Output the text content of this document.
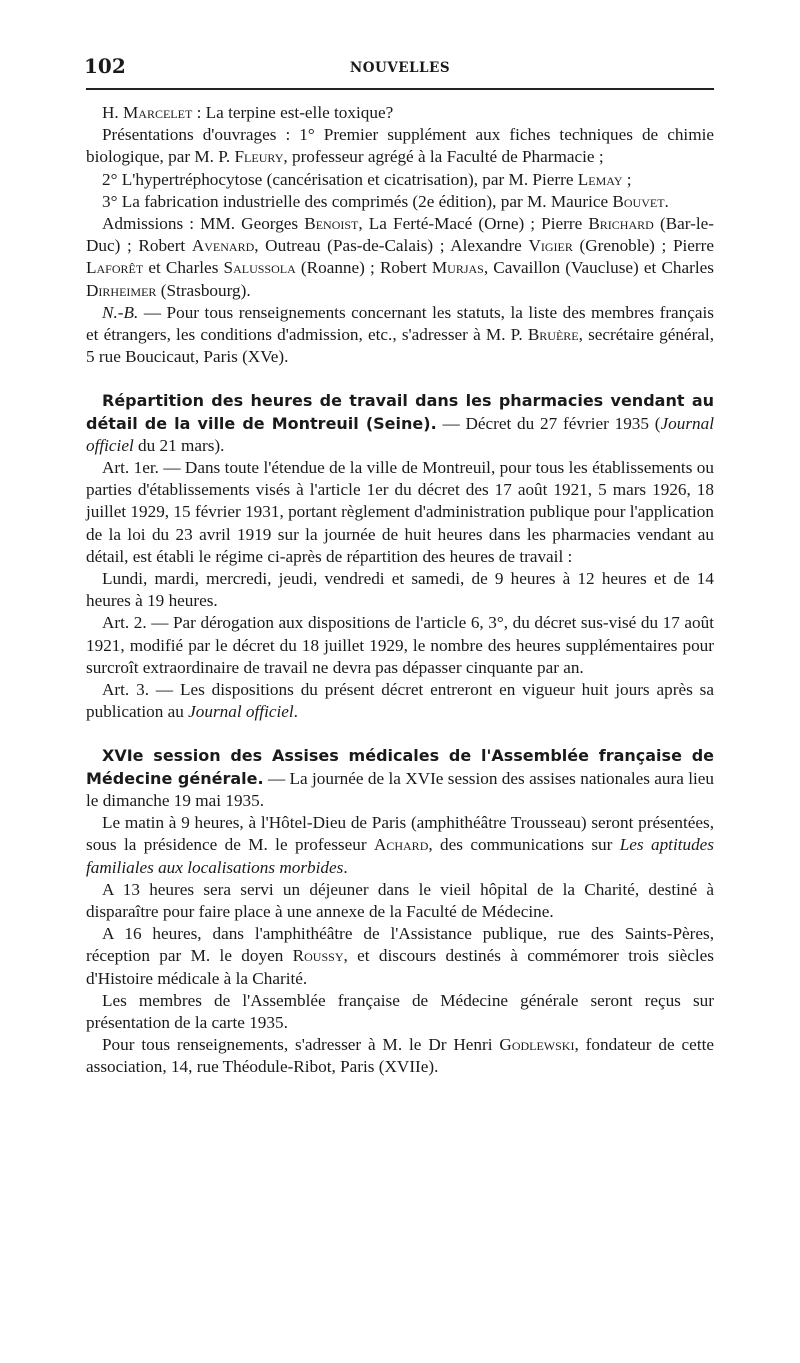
102	NOUVELLES

H. Marcelet : La terpine est-elle toxique?

Présentations d'ouvrages : 1° Premier supplément aux fiches techniques de chimie biologique, par M. P. Fleury, professeur agrégé à la Faculté de Pharmacie ;

2° L'hypertréphocytose (cancérisation et cicatrisation), par M. Pierre Lemay ;

3° La fabrication industrielle des comprimés (2e édition), par M. Maurice Bouvet.

Admissions : MM. Georges Benoist, La Ferté-Macé (Orne) ; Pierre Brichard (Bar-le-Duc) ; Robert Avenard, Outreau (Pas-de-Calais) ; Alexandre Vigier (Grenoble) ; Pierre Laforêt et Charles Salussola (Roanne) ; Robert Murjas, Cavaillon (Vaucluse) et Charles Dirheimer (Strasbourg).

N.-B. — Pour tous renseignements concernant les statuts, la liste des membres français et étrangers, les conditions d'admission, etc., s'adresser à M. P. Bruère, secrétaire général, 5 rue Boucicaut, Paris (XVe).

Répartition des heures de travail dans les pharmacies vendant au détail de la ville de Montreuil (Seine). — Décret du 27 février 1935 (Journal officiel du 21 mars).

Art. 1er. — Dans toute l'étendue de la ville de Montreuil, pour tous les établissements ou parties d'établissements visés à l'article 1er du décret des 17 août 1921, 5 mars 1926, 18 juillet 1929, 15 février 1931, portant règlement d'administration publique pour l'application de la loi du 23 avril 1919 sur la journée de huit heures dans les pharmacies vendant au détail, est établi le régime ci-après de répartition des heures de travail :

Lundi, mardi, mercredi, jeudi, vendredi et samedi, de 9 heures à 12 heures et de 14 heures à 19 heures.

Art. 2. — Par dérogation aux dispositions de l'article 6, 3°, du décret sus-visé du 17 août 1921, modifié par le décret du 18 juillet 1929, le nombre des heures supplémentaires pour surcroît extraordinaire de travail ne devra pas dépasser cinquante par an.

Art. 3. — Les dispositions du présent décret entreront en vigueur huit jours après sa publication au Journal officiel.

XVIe session des Assises médicales de l'Assemblée française de Médecine générale. — La journée de la XVIe session des assises nationales aura lieu le dimanche 19 mai 1935.

Le matin à 9 heures, à l'Hôtel-Dieu de Paris (amphithéâtre Trousseau) seront présentées, sous la présidence de M. le professeur Achard, des communications sur Les aptitudes familiales aux localisations morbides.

A 13 heures sera servi un déjeuner dans le vieil hôpital de la Charité, destiné à disparaître pour faire place à une annexe de la Faculté de Médecine.

A 16 heures, dans l'amphithéâtre de l'Assistance publique, rue des Saints-Pères, réception par M. le doyen Roussy, et discours destinés à commémorer trois siècles d'Histoire médicale à la Charité.

Les membres de l'Assemblée française de Médecine générale seront reçus sur présentation de la carte 1935.

Pour tous renseignements, s'adresser à M. le Dr Henri Godlewski, fondateur de cette association, 14, rue Théodule-Ribot, Paris (XVIIe).
